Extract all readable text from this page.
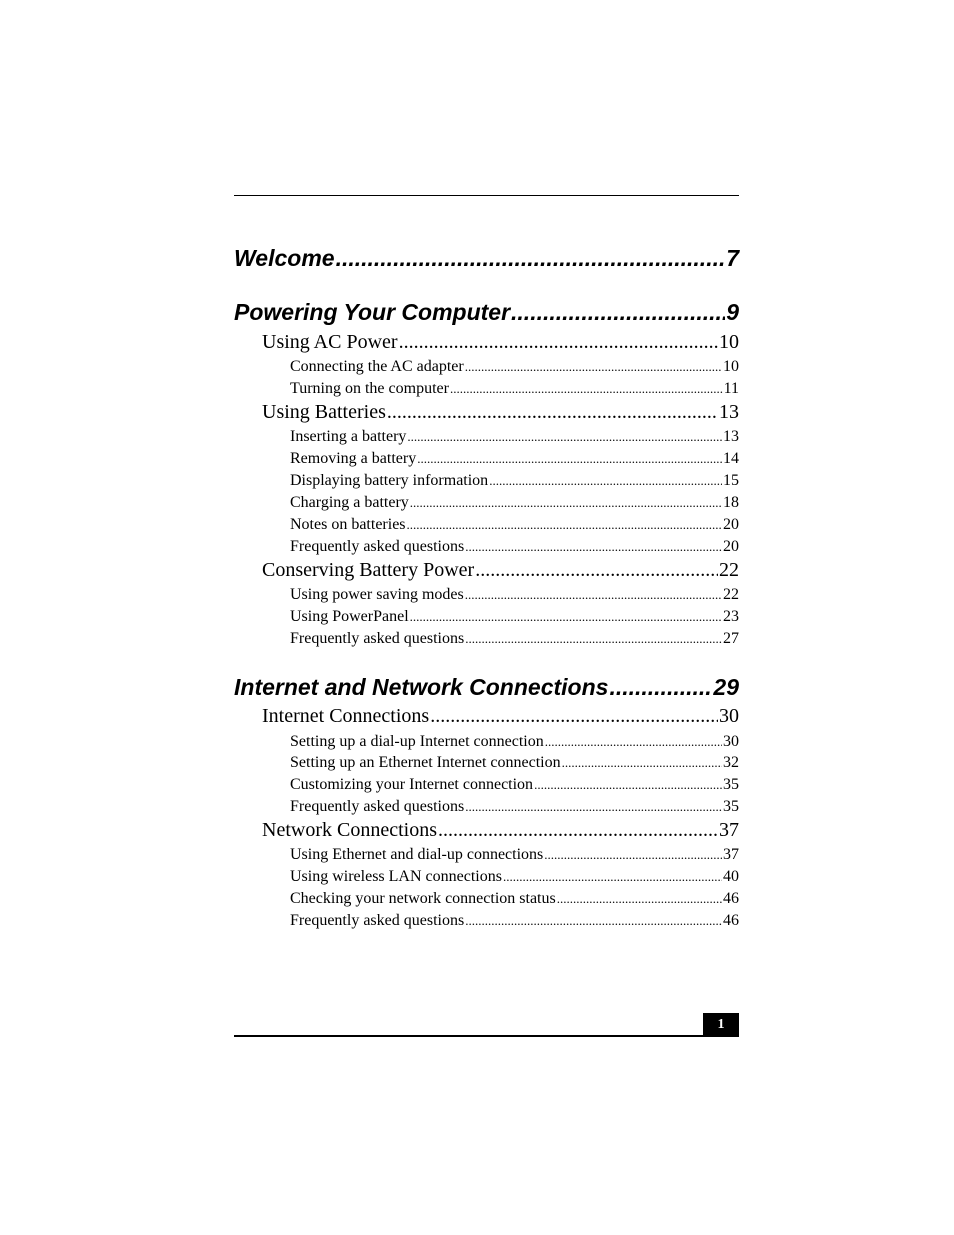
Welcome .....	7
Powering Your Computer .....	9
Using AC Power .....	10
Connecting the AC adapter .....	10
Turning on the computer .....	11
Using Batteries .....	13
Inserting a battery .....	13
Removing a battery .....	14
Displaying battery information .....	15
Charging a battery .....	18
Notes on batteries .....	20
Frequently asked questions .....	20
Conserving Battery Power .....	22
Using power saving modes .....	22
Using PowerPanel .....	23
Frequently asked questions .....	27
Internet and Network Connections .....	29
Internet Connections .....	30
Setting up a dial-up Internet connection .....	30
Setting up an Ethernet Internet connection .....	32
Customizing your Internet connection .....	35
Frequently asked questions .....	35
Network Connections .....	37
Using Ethernet and dial-up connections .....	37
Using wireless LAN connections .....	40
Checking your network connection status .....	46
Frequently asked questions .....	46
1
